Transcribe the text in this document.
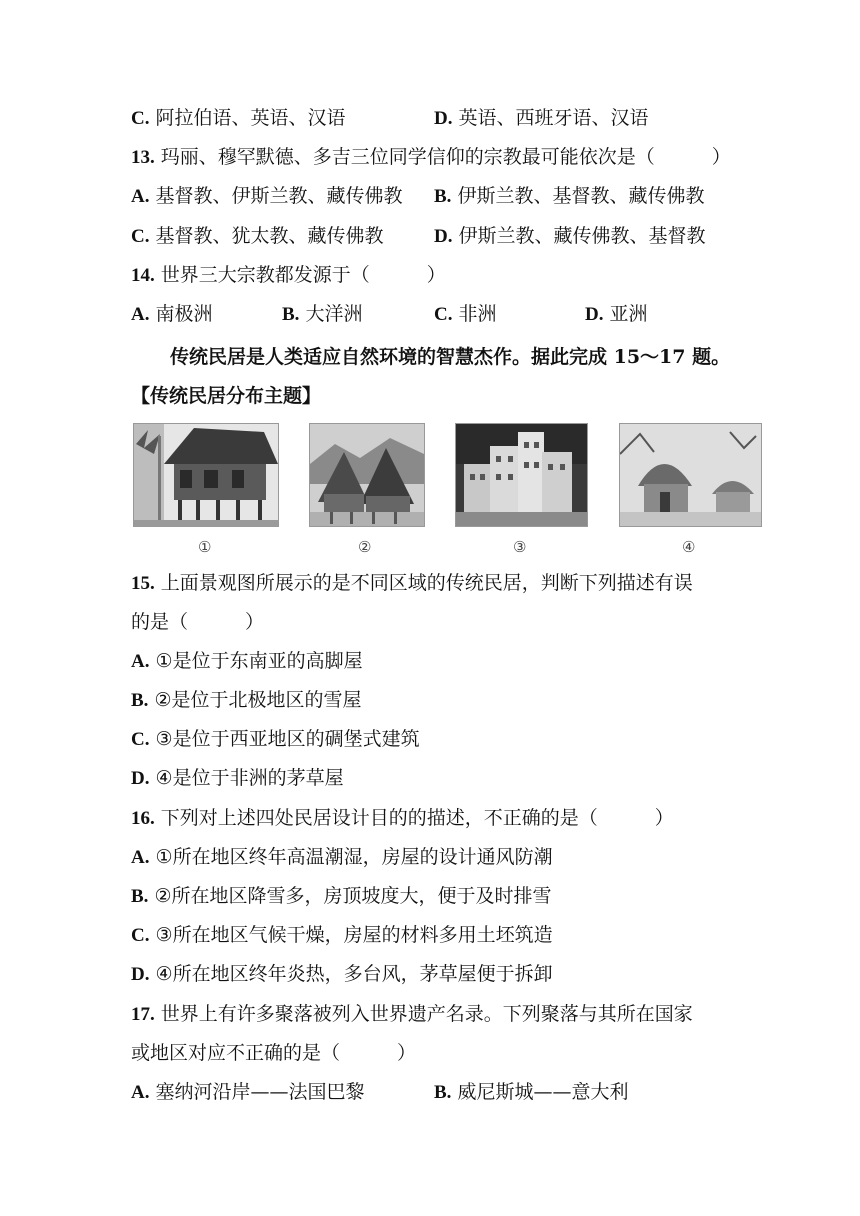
C. 阿拉伯语、英语、汉语	D. 英语、西班牙语、汉语
13. 玛丽、穆罕默德、多吉三位同学信仰的宗教最可能依次是（　　　）
A. 基督教、伊斯兰教、藏传佛教 B. 伊斯兰教、基督教、藏传佛教
C. 基督教、犹太教、藏传佛教	D. 伊斯兰教、藏传佛教、基督教
14. 世界三大宗教都发源于（　　　）
A. 南极洲	B. 大洋洲	C. 非洲	D. 亚洲
传统民居是人类适应自然环境的智慧杰作。据此完成 15～17 题。
【传统民居分布主题】
①	②	③	④
15. 上面景观图所展示的是不同区域的传统民居，判断下列描述有误
的是（　　　）
A. ①是位于东南亚的高脚屋
B. ②是位于北极地区的雪屋
C. ③是位于西亚地区的碉堡式建筑
D. ④是位于非洲的茅草屋
16. 下列对上述四处民居设计目的的描述，不正确的是（　　　）
A. ①所在地区终年高温潮湿，房屋的设计通风防潮
B. ②所在地区降雪多，房顶坡度大，便于及时排雪
C. ③所在地区气候干燥，房屋的材料多用土坯筑造
D. ④所在地区终年炎热，多台风，茅草屋便于拆卸
17. 世界上有许多聚落被列入世界遗产名录。下列聚落与其所在国家
或地区对应不正确的是（　　　）
A. 塞纳河沿岸——法国巴黎	B. 威尼斯城——意大利
